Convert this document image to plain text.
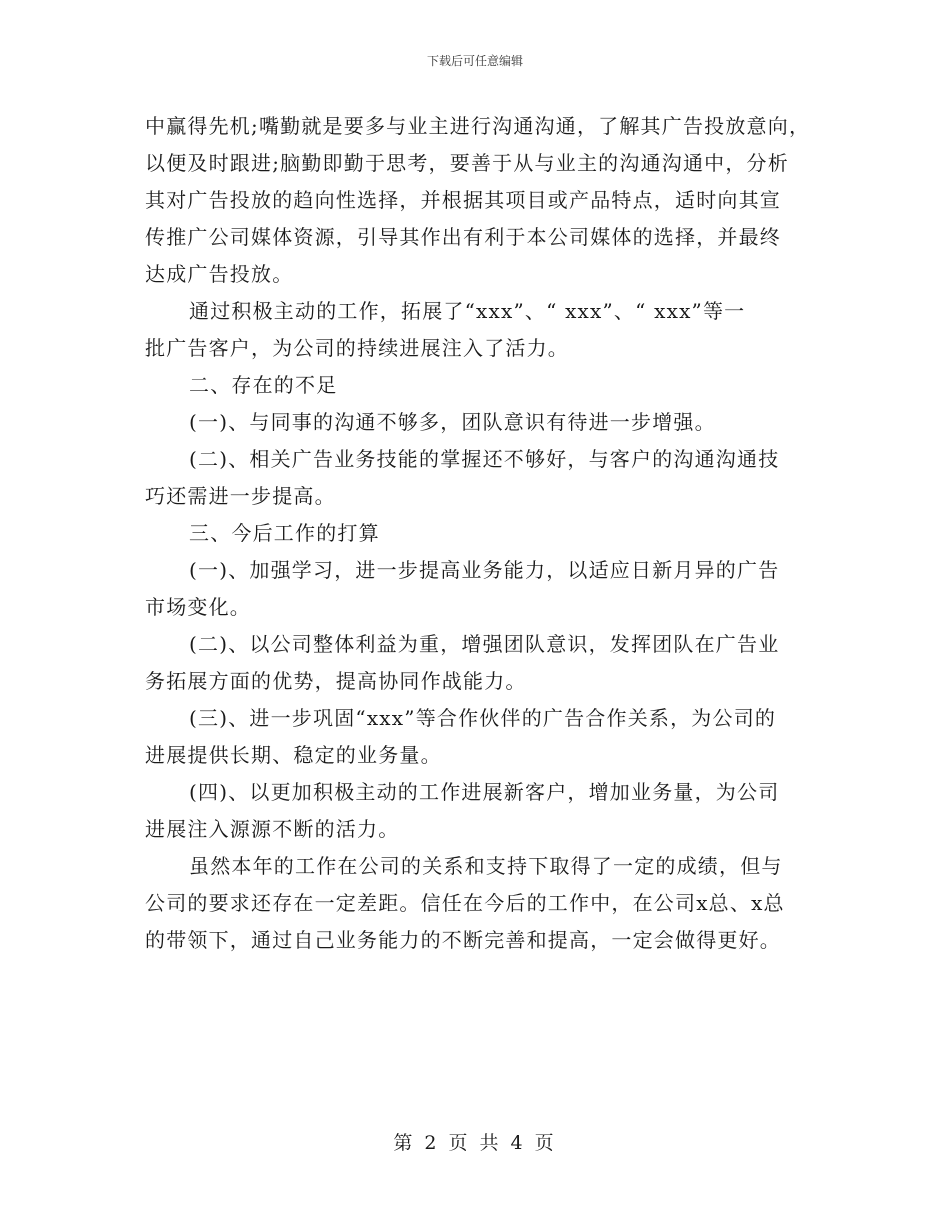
下载后可任意编辑
中赢得先机;嘴勤就是要多与业主进行沟通沟通，了解其广告投放意向，
以便及时跟进;脑勤即勤于思考，要善于从与业主的沟通沟通中，分析
其对广告投放的趋向性选择，并根据其项目或产品特点，适时向其宣
传推广公司媒体资源，引导其作出有利于本公司媒体的选择，并最终
达成广告投放。
通过积极主动的工作，拓展了“xxx”、“ xxx”、“ xxx”等一
批广告客户，为公司的持续进展注入了活力。
二、存在的不足
(一)、与同事的沟通不够多，团队意识有待进一步增强。
(二)、相关广告业务技能的掌握还不够好，与客户的沟通沟通技
巧还需进一步提高。
三、今后工作的打算
(一)、加强学习，进一步提高业务能力，以适应日新月异的广告
市场变化。
(二)、以公司整体利益为重，增强团队意识，发挥团队在广告业
务拓展方面的优势，提高协同作战能力。
(三)、进一步巩固“xxx”等合作伙伴的广告合作关系，为公司的
进展提供长期、稳定的业务量。
(四)、以更加积极主动的工作进展新客户，增加业务量，为公司
进展注入源源不断的活力。
虽然本年的工作在公司的关系和支持下取得了一定的成绩，但与
公司的要求还存在一定差距。信任在今后的工作中，在公司x总、x总
的带领下，通过自己业务能力的不断完善和提高，一定会做得更好。
第 2 页 共 4 页
